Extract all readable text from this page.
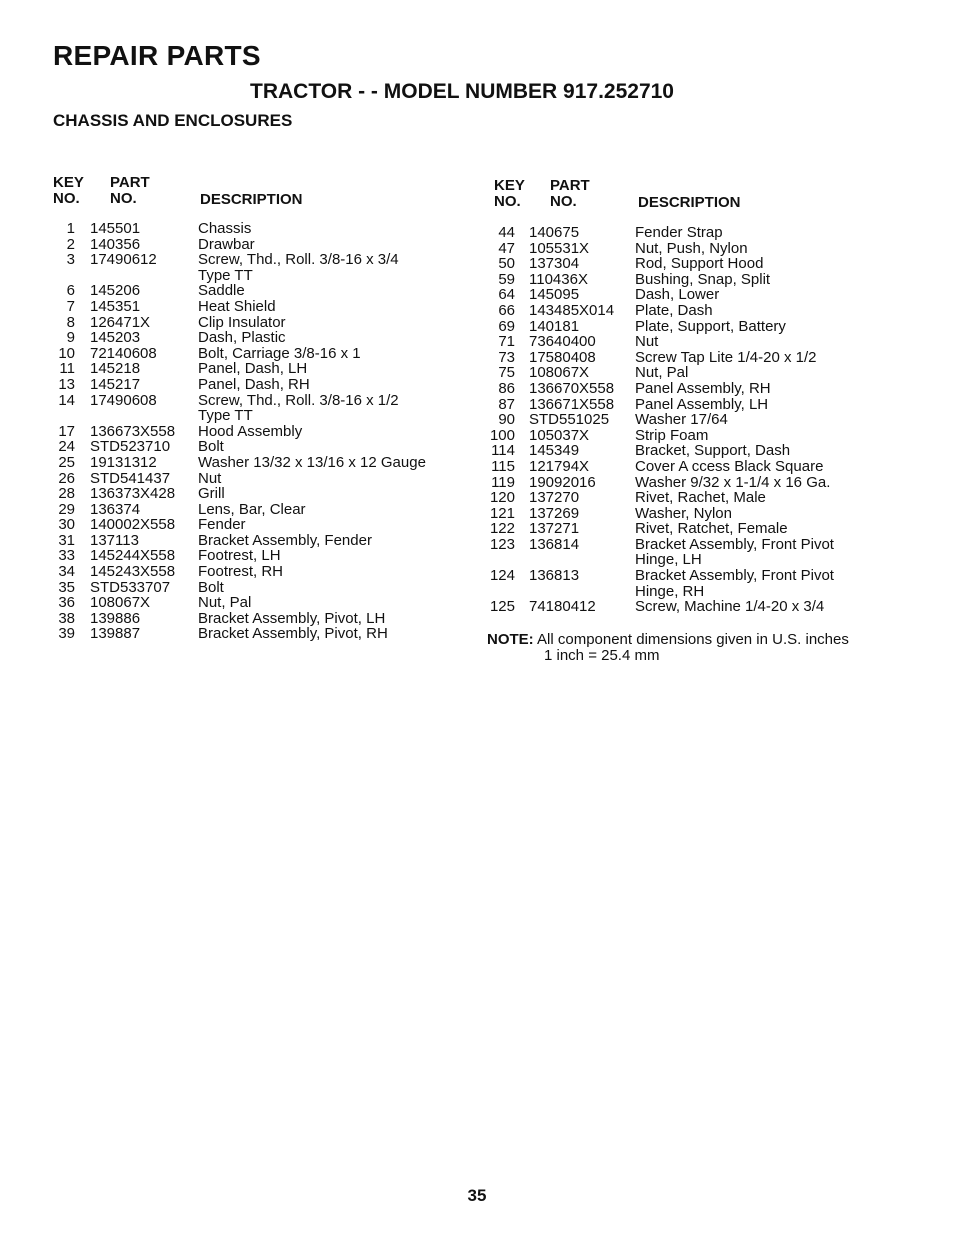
REPAIR PARTS
TRACTOR - - MODEL NUMBER 917.252710
CHASSIS AND ENCLOSURES
KEY
NO.
PART
NO.	DESCRIPTION
1 145501	Chassis
2 140356	Drawbar
3 17490612	Screw, Thd., Roll. 3/8-16 x 3/4
Type TT
6 145206	Saddle
7 145351	Heat Shield
8 126471X	Clip Insulator
9 145203	Dash, Plastic
10 72140608	Bolt, Carriage 3/8-16 x 1
11 145218	Panel, Dash, LH
13 145217	Panel, Dash, RH
14 17490608	Screw, Thd., Roll. 3/8-16 x 1/2
Type TT
17 136673X558 Hood Assembly
24 STD523710 Bolt
25 19131312	Washer 13/32 x 13/16 x 12 Gauge
26 STD541437 Nut
28 136373X428 Grill
29 136374	Lens, Bar, Clear
30 140002X558 Fender
31 137113	Bracket Assembly, Fender
33 145244X558 Footrest, LH
34 145243X558 Footrest, RH
35 STD533707 Bolt
36 108067X	Nut, Pal
38 139886	Bracket Assembly, Pivot, LH
39 139887	Bracket Assembly, Pivot, RH
KEY
NO.
PART
NO.	DESCRIPTION
44 140675	Fender Strap
47 105531X	Nut, Push, Nylon
50 137304	Rod, Support Hood
59 110436X	Bushing, Snap, Split
64 145095	Dash, Lower
66 143485X014 Plate, Dash
69 140181	Plate, Support, Battery
71 73640400	Nut
73 17580408	Screw Tap Lite 1/4-20 x 1/2
75 108067X	Nut, Pal
86 136670X558 Panel Assembly, RH
87 136671X558 Panel Assembly, LH
90 STD551025 Washer 17/64
100 105037X	Strip Foam
114 145349	Bracket, Support, Dash
115 121794X	Cover A ccess Black Square
119 19092016	Washer 9/32 x 1-1/4 x 16 Ga.
120 137270	Rivet, Rachet, Male
121 137269	Washer, Nylon
122 137271	Rivet, Ratchet, Female
123 136814	Bracket Assembly, Front Pivot
Hinge, LH
124 136813	Bracket Assembly, Front Pivot
Hinge, RH
125 74180412	Screw, Machine 1/4-20 x 3/4
NOTE: All component dimensions given in U.S. inches
1 inch = 25.4 mm
35
